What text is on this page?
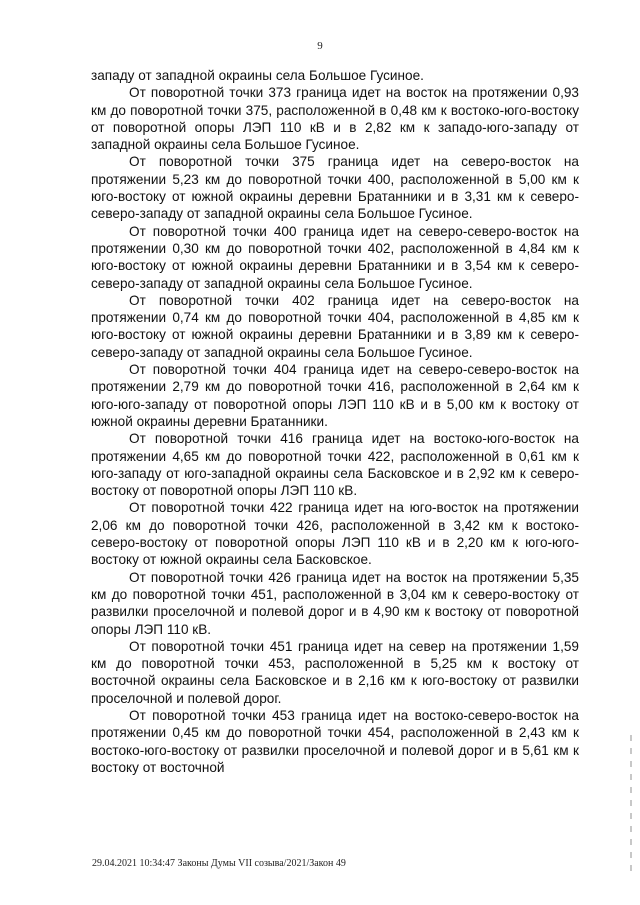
9

западу от западной окраины села Большое Гусиное.

От поворотной точки 373 граница идет на восток на протяжении 0,93 км до поворотной точки 375, расположенной в 0,48 км к востоко-юго-востоку от поворотной опоры ЛЭП 110 кВ и в 2,82 км к западо-юго-западу от западной окраины села Большое Гусиное.

От поворотной точки 375 граница идет на северо-восток на протяжении 5,23 км до поворотной точки 400, расположенной в 5,00 км к юго-востоку от южной окраины деревни Братанники и в 3,31 км к северо-северо-западу от западной окраины села Большое Гусиное.

От поворотной точки 400 граница идет на северо-северо-восток на протяжении 0,30 км до поворотной точки 402, расположенной в 4,84 км к юго-востоку от южной окраины деревни Братанники и в 3,54 км к северо-северо-западу от западной окраины села Большое Гусиное.

От поворотной точки 402 граница идет на северо-восток на протяжении 0,74 км до поворотной точки 404, расположенной в 4,85 км к юго-востоку от южной окраины деревни Братанники и в 3,89 км к северо-северо-западу от западной окраины села Большое Гусиное.

От поворотной точки 404 граница идет на северо-северо-восток на протяжении 2,79 км до поворотной точки 416, расположенной в 2,64 км к юго-юго-западу от поворотной опоры ЛЭП 110 кВ и в 5,00 км к востоку от южной окраины деревни Братанники.

От поворотной точки 416 граница идет на востоко-юго-восток на протяжении 4,65 км до поворотной точки 422, расположенной в 0,61 км к юго-западу от юго-западной окраины села Басковское и в 2,92 км к северо-востоку от поворотной опоры ЛЭП 110 кВ.

От поворотной точки 422 граница идет на юго-восток на протяжении 2,06 км до поворотной точки 426, расположенной в 3,42 км к востоко-северо-востоку от поворотной опоры ЛЭП 110 кВ и в 2,20 км к юго-юго-востоку от южной окраины села Басковское.

От поворотной точки 426 граница идет на восток на протяжении 5,35 км до поворотной точки 451, расположенной в 3,04 км к северо-востоку от развилки проселочной и полевой дорог и в 4,90 км к востоку от поворотной опоры ЛЭП 110 кВ.

От поворотной точки 451 граница идет на север на протяжении 1,59 км до поворотной точки 453, расположенной в 5,25 км к востоку от восточной окраины села Басковское и в 2,16 км к юго-востоку от развилки проселочной и полевой дорог.

От поворотной точки 453 граница идет на востоко-северо-восток на протяжении 0,45 км до поворотной точки 454, расположенной в 2,43 км к востоко-юго-востоку от развилки проселочной и полевой дорог и в 5,61 км к востоку от восточной

29.04.2021 10:34:47 Законы Думы VII созыва/2021/Закон 49
